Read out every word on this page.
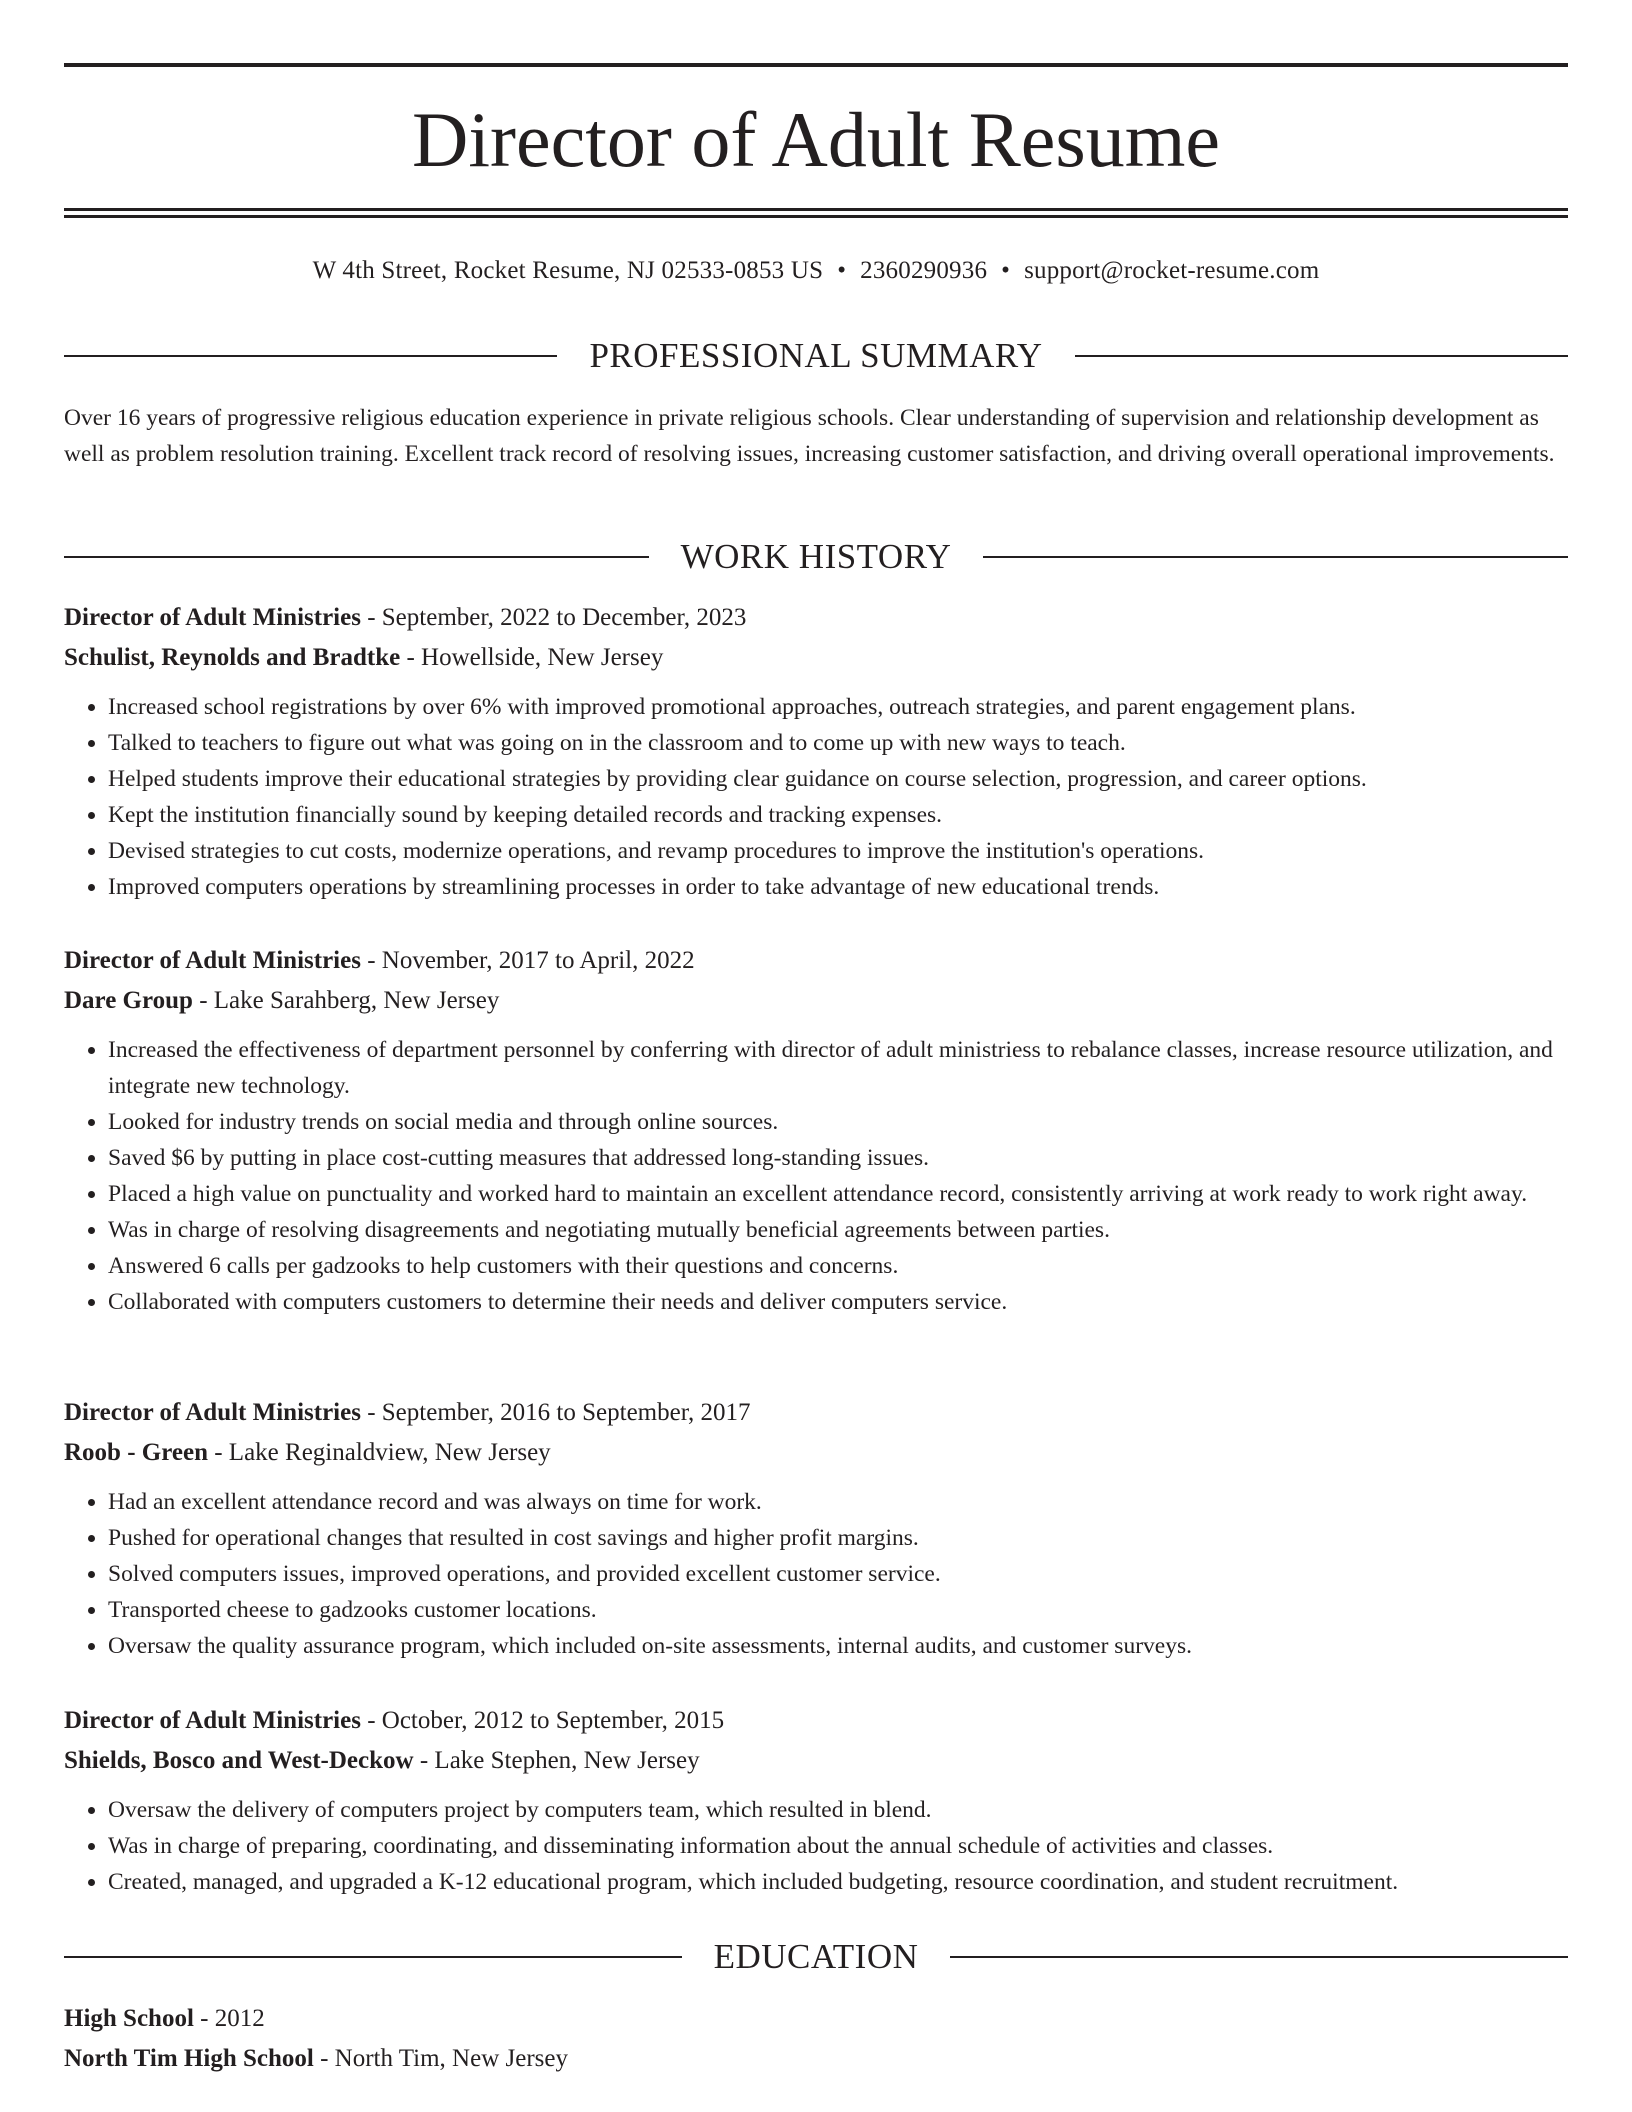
Director of Adult Resume
W 4th Street, Rocket Resume, NJ 02533-0853 US • 2360290936 • support@rocket-resume.com
PROFESSIONAL SUMMARY

Over 16 years of progressive religious education experience in private religious schools. Clear understanding of supervision and relationship development as well as problem resolution training. Excellent track record of resolving issues, increasing customer satisfaction, and driving overall operational improvements.

WORK HISTORY
Director of Adult Ministries - September, 2022 to December, 2023
Schulist, Reynolds and Bradtke - Howellside, New Jersey
• Increased school registrations by over 6% with improved promotional approaches, outreach strategies, and parent engagement plans.
• Talked to teachers to figure out what was going on in the classroom and to come up with new ways to teach.
• Helped students improve their educational strategies by providing clear guidance on course selection, progression, and career options.
• Kept the institution financially sound by keeping detailed records and tracking expenses.
• Devised strategies to cut costs, modernize operations, and revamp procedures to improve the institution's operations.
• Improved computers operations by streamlining processes in order to take advantage of new educational trends.
Director of Adult Ministries - November, 2017 to April, 2022
Dare Group - Lake Sarahberg, New Jersey
• Increased the effectiveness of department personnel by conferring with director of adult ministriess to rebalance classes, increase resource utilization, and integrate new technology.
• Looked for industry trends on social media and through online sources.
• Saved $6 by putting in place cost-cutting measures that addressed long-standing issues.
• Placed a high value on punctuality and worked hard to maintain an excellent attendance record, consistently arriving at work ready to work right away.
• Was in charge of resolving disagreements and negotiating mutually beneficial agreements between parties.
• Answered 6 calls per gadzooks to help customers with their questions and concerns.
• Collaborated with computers customers to determine their needs and deliver computers service.
Director of Adult Ministries - September, 2016 to September, 2017
Roob - Green - Lake Reginaldview, New Jersey
• Had an excellent attendance record and was always on time for work.
• Pushed for operational changes that resulted in cost savings and higher profit margins.
• Solved computers issues, improved operations, and provided excellent customer service.
• Transported cheese to gadzooks customer locations.
• Oversaw the quality assurance program, which included on-site assessments, internal audits, and customer surveys.
Director of Adult Ministries - October, 2012 to September, 2015
Shields, Bosco and West-Deckow - Lake Stephen, New Jersey
• Oversaw the delivery of computers project by computers team, which resulted in blend.
• Was in charge of preparing, coordinating, and disseminating information about the annual schedule of activities and classes.
• Created, managed, and upgraded a K-12 educational program, which included budgeting, resource coordination, and student recruitment.
EDUCATION
High School - 2012
North Tim High School - North Tim, New Jersey
